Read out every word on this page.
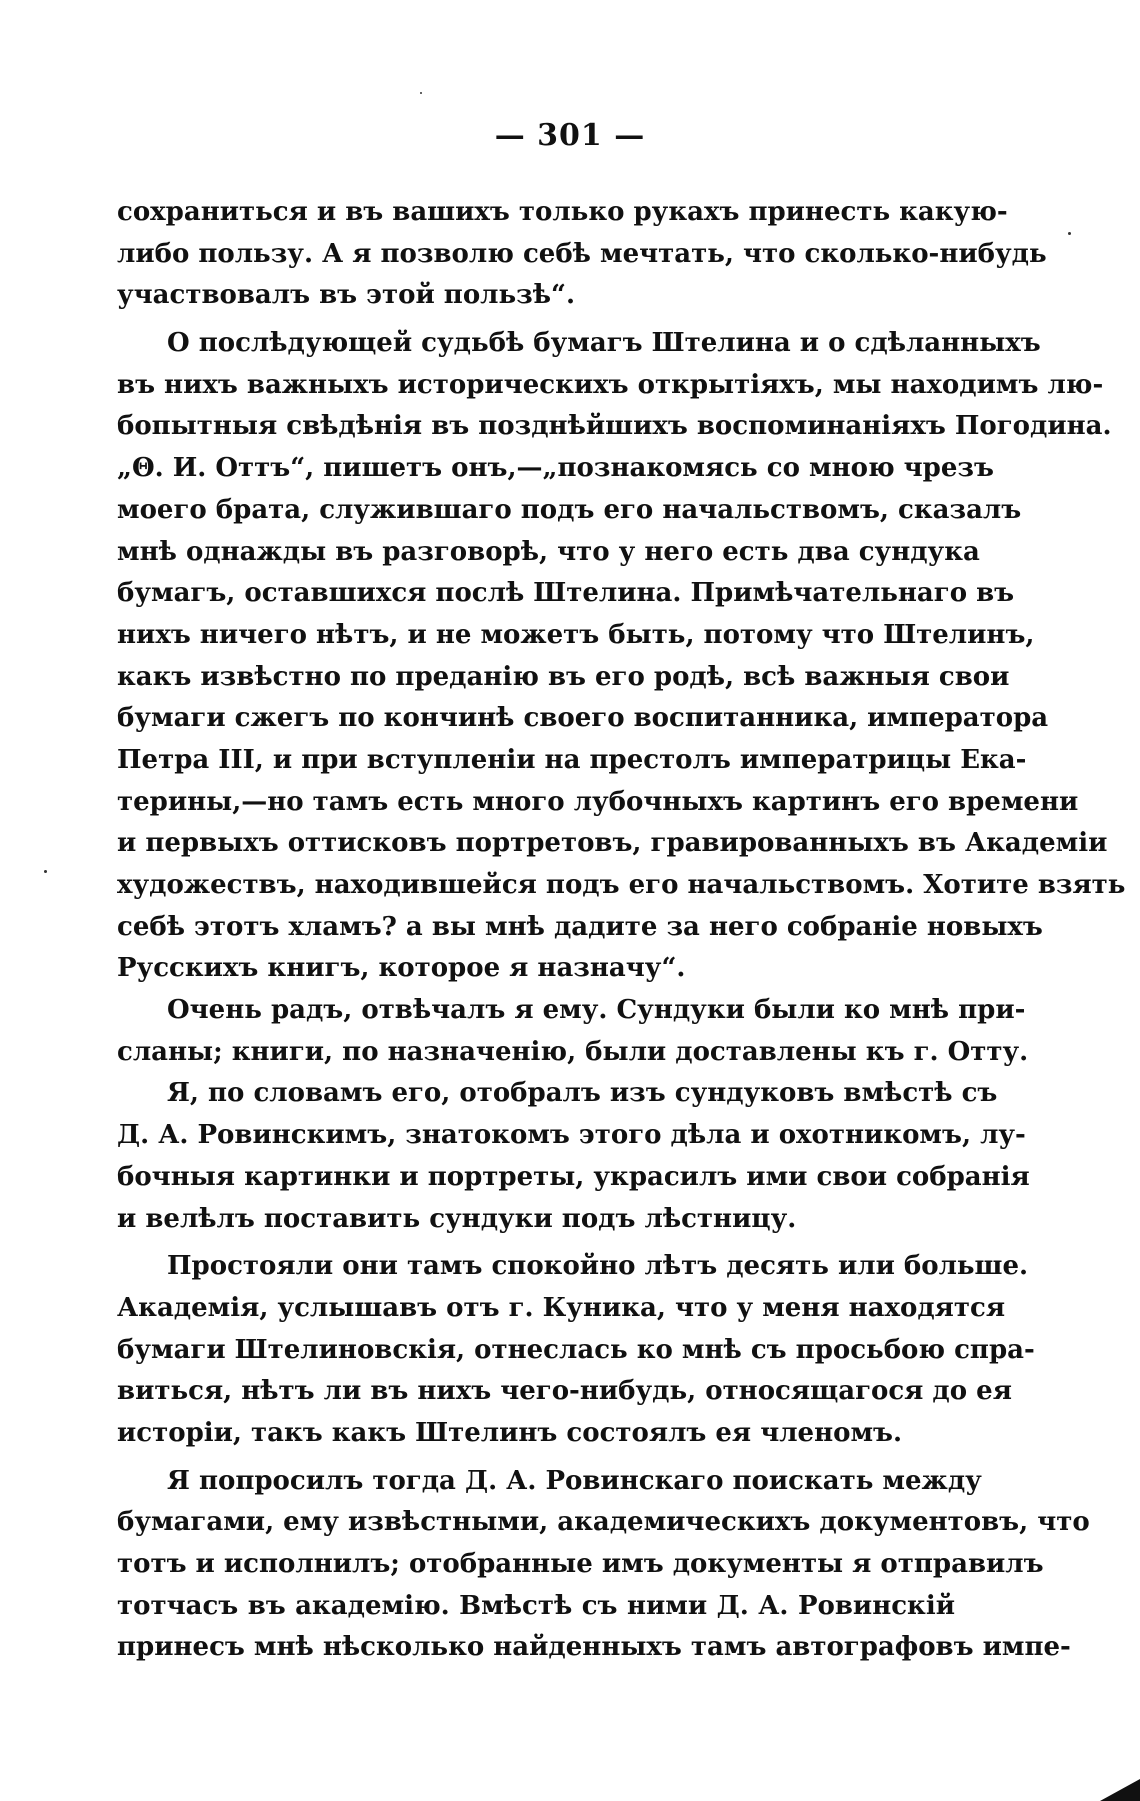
— 301 —
сохраниться и въ вашихъ только рукахъ принесть какую-
либо пользу. А я позволю себѣ мечтать, что сколько-нибудь
участвовалъ въ этой пользѣ“.
О послѣдующей судьбѣ бумагъ Штелина и о сдѣланныхъ
въ нихъ важныхъ историческихъ открытіяхъ, мы находимъ лю-
бопытныя свѣдѣнія въ позднѣйшихъ воспоминаніяхъ Погодина.
„Θ. И. Оттъ“, пишетъ онъ,—„познакомясь со мною чрезъ
моего брата, служившаго подъ его начальствомъ, сказалъ
мнѣ однажды въ разговорѣ, что у него есть два сундука
бумагъ, оставшихся послѣ Штелина. Примѣчательнаго въ
нихъ ничего нѣтъ, и не можетъ быть, потому что Штелинъ,
какъ извѣстно по преданію въ его родѣ, всѣ важныя свои
бумаги сжегъ по кончинѣ своего воспитанника, императора
Петра III, и при вступленіи на престолъ императрицы Ека-
терины,—но тамъ есть много лубочныхъ картинъ его времени
и первыхъ оттисковъ портретовъ, гравированныхъ въ Академіи
художествъ, находившейся подъ его начальствомъ. Хотите взять
себѣ этотъ хламъ? а вы мнѣ дадите за него собраніе новыхъ
Русскихъ книгъ, которое я назначу“.
Очень радъ, отвѣчалъ я ему. Сундуки были ко мнѣ при-
сланы; книги, по назначенію, были доставлены къ г. Отту.
Я, по словамъ его, отобралъ изъ сундуковъ вмѣстѣ съ
Д. А. Ровинскимъ, знатокомъ этого дѣла и охотникомъ, лу-
бочныя картинки и портреты, украсилъ ими свои собранія
и велѣлъ поставить сундуки подъ лѣстницу.
Простояли они тамъ спокойно лѣтъ десять или больше.
Академія, услышавъ отъ г. Куника, что у меня находятся
бумаги Штелиновскія, отнеслась ко мнѣ съ просьбою спра-
виться, нѣтъ ли въ нихъ чего-нибудь, относящагося до ея
исторіи, такъ какъ Штелинъ состоялъ ея членомъ.
Я попросилъ тогда Д. А. Ровинскаго поискать между
бумагами, ему извѣстными, академическихъ документовъ, что
тотъ и исполнилъ; отобранные имъ документы я отправилъ
тотчасъ въ академію. Вмѣстѣ съ ними Д. А. Ровинскій
принесъ мнѣ нѣсколько найденныхъ тамъ автографовъ импе-
